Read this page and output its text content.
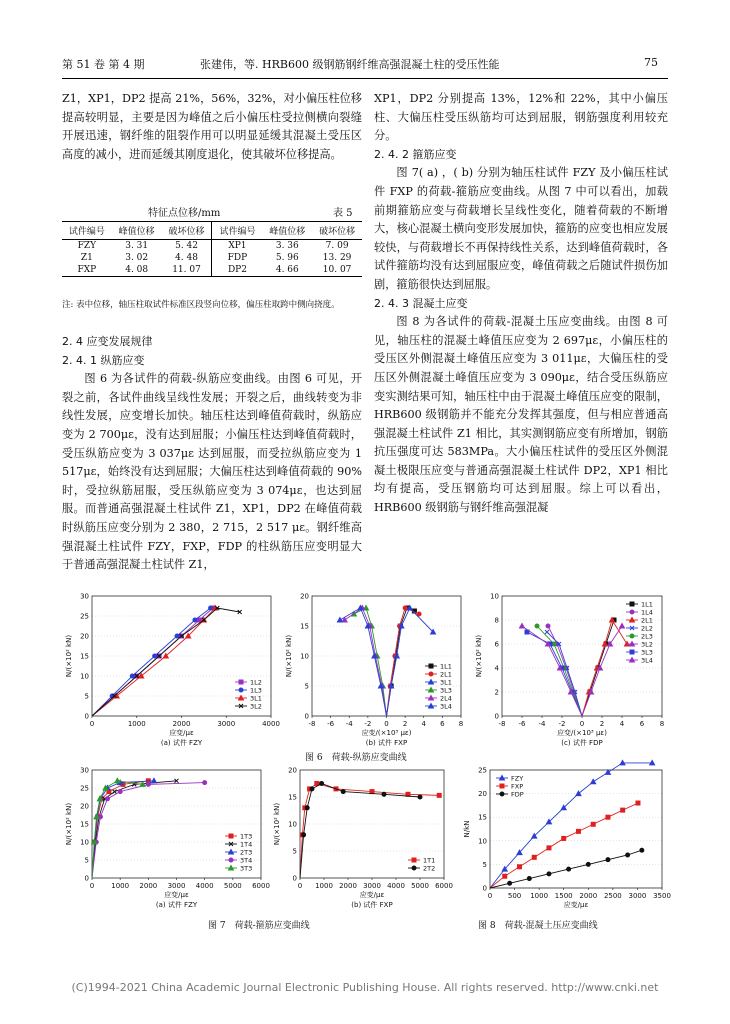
第 51 卷 第 4 期	张建伟，等. HRB600 级钢筋钢纤维高强混凝土柱的受压性能	75

Z1，XP1，DP2 提高 21%，56%，32%，对小偏压柱位移提高较明显，主要是因为峰值之后小偏压柱受拉侧横向裂缝开展迅速，钢纤维的阻裂作用可以明显延缓其混凝土受压区高度的减小，进而延缓其刚度退化，使其破坏位移提高。

特征点位移/mm	表 5
试件编号	峰值位移	破坏位移	试件编号	峰值位移	破坏位移
FZY	3. 31	5. 42	XP1	3. 36	7. 09
Z1	3. 02	4. 48	FDP	5. 96	13. 29
FXP	4. 08	11. 07	DP2	4. 66	10. 07
注: 表中位移，轴压柱取试件标准区段竖向位移，偏压柱取跨中侧向挠度。

2. 4 应变发展规律

2. 4. 1 纵筋应变

图 6 为各试件的荷载-纵筋应变曲线。由图 6 可见，开裂之前，各试件曲线呈线性发展；开裂之后，曲线转变为非线性发展，应变增长加快。轴压柱达到峰值荷载时，纵筋应变为 2 700με，没有达到屈服；小偏压柱达到峰值荷载时，受压纵筋应变为 3 037με 达到屈服，而受拉纵筋应变为 1 517με，始终没有达到屈服；大偏压柱达到峰值荷载的 90% 时，受拉纵筋屈服，受压纵筋应变为 3 074με，也达到屈服。而普通高强混凝土柱试件 Z1，XP1，DP2 在峰值荷载时纵筋压应变分别为 2 380，2 715，2 517 με。钢纤维高强混凝土柱试件 FZY，FXP，FDP 的柱纵筋压应变明显大于普通高强混凝土柱试件 Z1，

XP1，DP2 分别提高 13%，12%和 22%，其中小偏压柱、大偏压柱受压纵筋均可达到屈服，钢筋强度利用较充分。

2. 4. 2 箍筋应变

图 7( a) ，( b) 分别为轴压柱试件 FZY 及小偏压柱试件 FXP 的荷载-箍筋应变曲线。从图 7 中可以看出，加载前期箍筋应变与荷载增长呈线性变化，随着荷载的不断增大，核心混凝土横向变形发展加快，箍筋的应变也相应发展较快，与荷载增长不再保持线性关系，达到峰值荷载时，各试件箍筋均没有达到屈服应变，峰值荷载之后随试件损伤加剧，箍筋很快达到屈服。

2. 4. 3 混凝土应变

图 8 为各试件的荷载-混凝土压应变曲线。由图 8 可见，轴压柱的混凝土峰值压应变为 2 697με，小偏压柱的受压区外侧混凝土峰值压应变为 3 011με，大偏压柱的受压区外侧混凝土峰值压应变为 3 090με，结合受压纵筋应变实测结果可知，轴压柱中由于混凝土峰值压应变的限制，HRB600 级钢筋并不能充分发挥其强度，但与相应普通高强混凝土柱试件 Z1 相比，其实测钢筋应变有所增加，钢筋抗压强度可达 583MPa。大小偏压柱试件的受压区外侧混凝土极限压应变与普通高强混凝土柱试件 DP2，XP1 相比均有提高，受压钢筋均可达到屈服。综上可以看出，HRB600 级钢筋与钢纤维高强混凝

0
5
10
15
20
25
30
0	1000	2000	3000	4000
应变/με
N/(×10² kN)
(a) 试件 FZY
1L2
1L3
3L1
3L2
0
5
10
15
20
-8 -6 -4 -2 0 2 4 6 8
应变/(×10³ με)
N/(×10² kN)
(b) 试件 FXP
1L1
2L1
3L1
3L3
2L4
3L4
0
2
4
6
8
10
-8 -6 -4 -2 0 2 4 6 8
应变/(×10³ με)
N/(×10² kN)
(c) 试件 FDP
1L1
1L4
2L1
2L2
2L3
3L2
3L3
3L4
图 6　荷载-纵筋应变曲线
0
5
10
15
20
25
30
0 1000 2000 3000 4000 5000 6000
应变/με
N/(×10² kN)
(a) 试件 FZY
1T3
1T4
2T3
3T4
3T3
0
5
10
15
20
0 1000 2000 3000 4000 5000 6000
应变/με
N/(×10² kN)
(b) 试件 FXP
1T1
2T2
0
5
10
15
20
25
0 500 1000 1500 2000 2500 3000 3500
应变/με
N/kN
FZY
FXP
FDP
图 7　荷载-箍筋应变曲线	图 8　荷载-混凝土压应变曲线
(C)1994-2021 China Academic Journal Electronic Publishing House. All rights reserved. http://www.cnki.net
